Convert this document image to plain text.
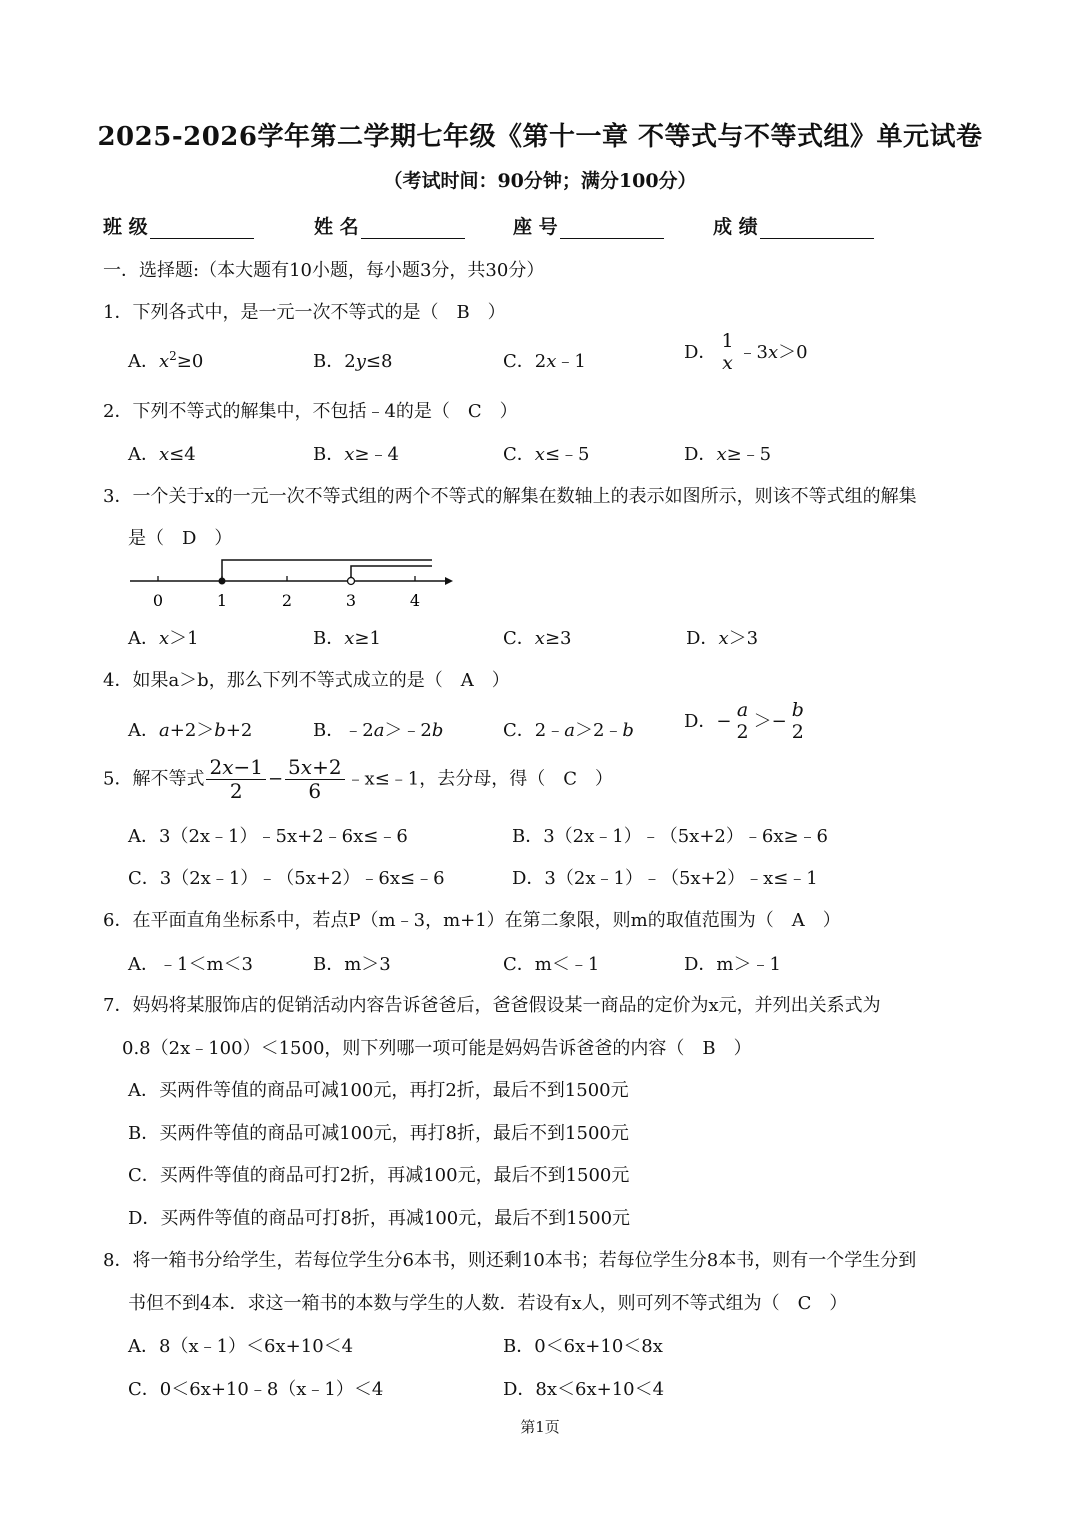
2025-2026学年第二学期七年级《第十一章 不等式与不等式组》单元试卷
（考试时间：90分钟；满分100分）
班 级	姓 名	座 号	成 绩
一．选择题:（本大题有10小题，每小题3分，共30分）
1．下列各式中，是一元一次不等式的是（　B　）
A．$x^2\ge 0$	B．2y≤8	C．2x﹣1	D．
1
x ﹣3x＞0
2．下列不等式的解集中，不包括﹣4的是（　C　）
A．x≤4	B．x≥﹣4	C．x≤﹣5	D．x≥﹣5
3．一个关于x的一元一次不等式组的两个不等式的解集在数轴上的表示如图所示，则该不等式组的解集
是（　D　）
0	1	2	3	4
A．x＞1	B．x≥1	C．x≥3	D．x＞3
4．如果a＞b，那么下列不等式成立的是（　A　）
A．a+2＞b+2	B．﹣2a＞﹣2b	C．2﹣a＞2﹣b	D．−
a
2 ＞−
b
2
5．解不等式 $\frac{2x-1}{2} - \frac{5x+2}{6}$ ﹣x≤﹣1，去分母，得（　C　）
A．3（2x﹣1）﹣5x+2﹣6x≤﹣6	B．3（2x﹣1）﹣（5x+2）﹣6x≥﹣6
C．3（2x﹣1）﹣（5x+2）﹣6x≤﹣6	D．3（2x﹣1）﹣（5x+2）﹣x≤﹣1
6．在平面直角坐标系中，若点P（m﹣3，m+1）在第二象限，则m的取值范围为（　A　）
A．﹣1＜m＜3	B．m＞3	C．m＜﹣1	D．m＞﹣1
7．妈妈将某服饰店的促销活动内容告诉爸爸后，爸爸假设某一商品的定价为x元，并列出关系式为
0.8（2x﹣100）＜1500，则下列哪一项可能是妈妈告诉爸爸的内容（　B　）
A．买两件等值的商品可减100元，再打2折，最后不到1500元
B．买两件等值的商品可减100元，再打8折，最后不到1500元
C．买两件等值的商品可打2折，再减100元，最后不到1500元
D．买两件等值的商品可打8折，再减100元，最后不到1500元
8．将一箱书分给学生，若每位学生分6本书，则还剩10本书；若每位学生分8本书，则有一个学生分到
书但不到4本．求这一箱书的本数与学生的人数．若设有x人，则可列不等式组为（　C　）
A．8（x﹣1）＜6x+10＜4	B．0＜6x+10＜8x
C．0＜6x+10﹣8（x﹣1）＜4	D．8x＜6x+10＜4
第1页
